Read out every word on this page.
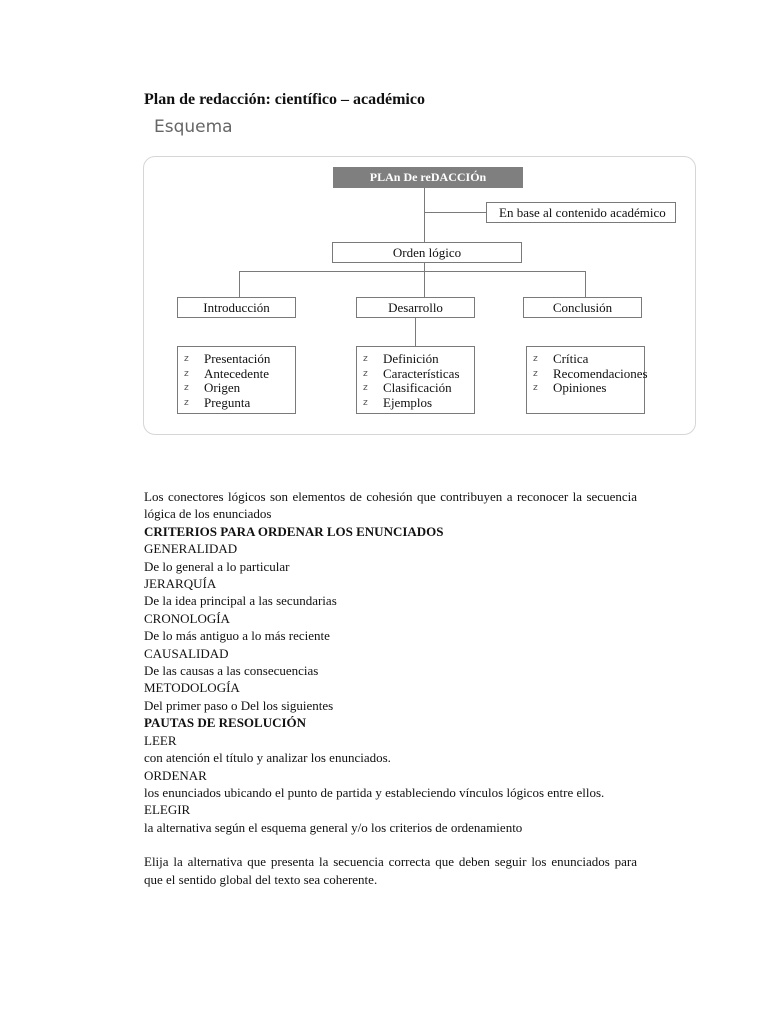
Plan de redacción: científico – académico
Esquema
PLAn De reDACCIÓn
En base al contenido académico
Orden lógico
Introducción	Desarrollo	Conclusión
z	Presentación
z	Antecedente
z	Origen
z	Pregunta
z	Definición
z	Características
z	Clasificación
z	Ejemplos
z	Crítica
z	Recomendaciones
z	Opiniones

Los conectores lógicos son elementos de cohesión que contribuyen a reconocer la secuencia lógica de los enunciados

CRITERIOS PARA ORDENAR LOS ENUNCIADOS

GENERALIDAD

De lo general a lo particular

JERARQUÍA

De la idea principal a las secundarias

CRONOLOGÍA

De lo más antiguo a lo más reciente

CAUSALIDAD

De las causas a las consecuencias

METODOLOGÍA

Del primer paso o Del los siguientes

PAUTAS DE RESOLUCIÓN

LEER

con atención el título y analizar los enunciados.

ORDENAR

los enunciados ubicando el punto de partida y estableciendo vínculos lógicos entre ellos.

ELEGIR

la alternativa según el esquema general y/o los criterios de ordenamiento

Elija la alternativa que presenta la secuencia correcta que deben seguir los enunciados para que el sentido global del texto sea coherente.
